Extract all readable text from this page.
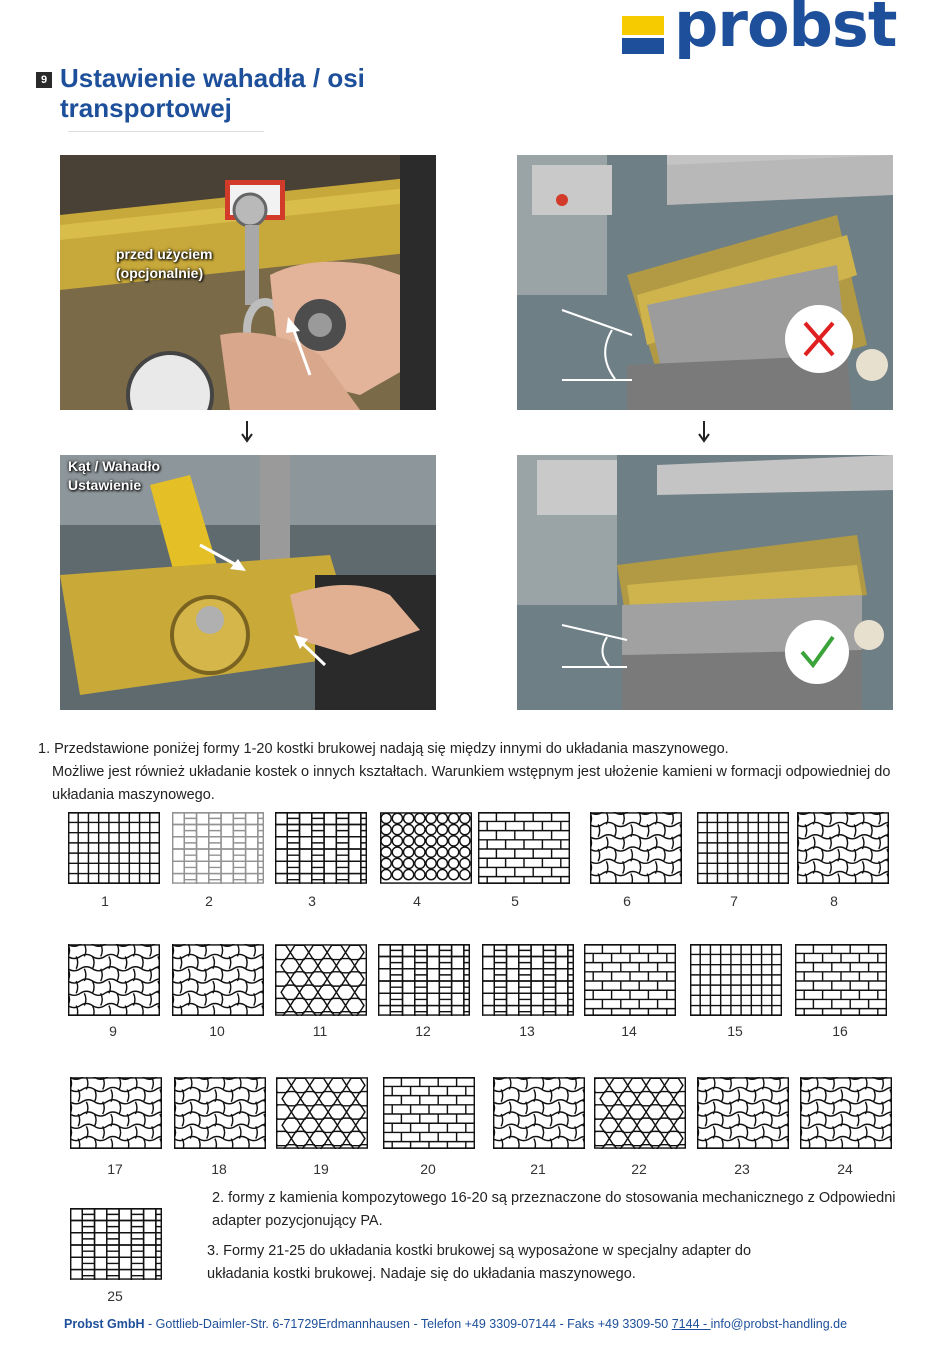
probst
9 Ustawienie wahadła / osi transportowej
przed użyciem
(opcjonalnie)
Kąt / Wahadło
Ustawienie
1. Przedstawione poniżej formy 1-20 kostki brukowej nadają się między innymi do układania maszynowego.
Możliwe jest również układanie kostek o innych kształtach. Warunkiem wstępnym jest ułożenie kamieni w formacji odpowiedniej do
układania maszynowego.
1	2	3	4	5	6	7	8
9	10	11	12	13	14	15	16
17	18	19	20	21	22	23	24
25
2. formy z kamienia kompozytowego 16-20 są przeznaczone do stosowania mechanicznego z Odpowiedni
adapter pozycjonujący PA.
3. Formy 21-25 do układania kostki brukowej są wyposażone w specjalny adapter do
układania kostki brukowej. Nadaje się do układania maszynowego.
Probst GmbH - Gottlieb-Daimler-Str. 6-71729Erdmannhausen - Telefon +49 3309-07144 - Faks +49 3309-50 7144 - info@probst-handling.de
